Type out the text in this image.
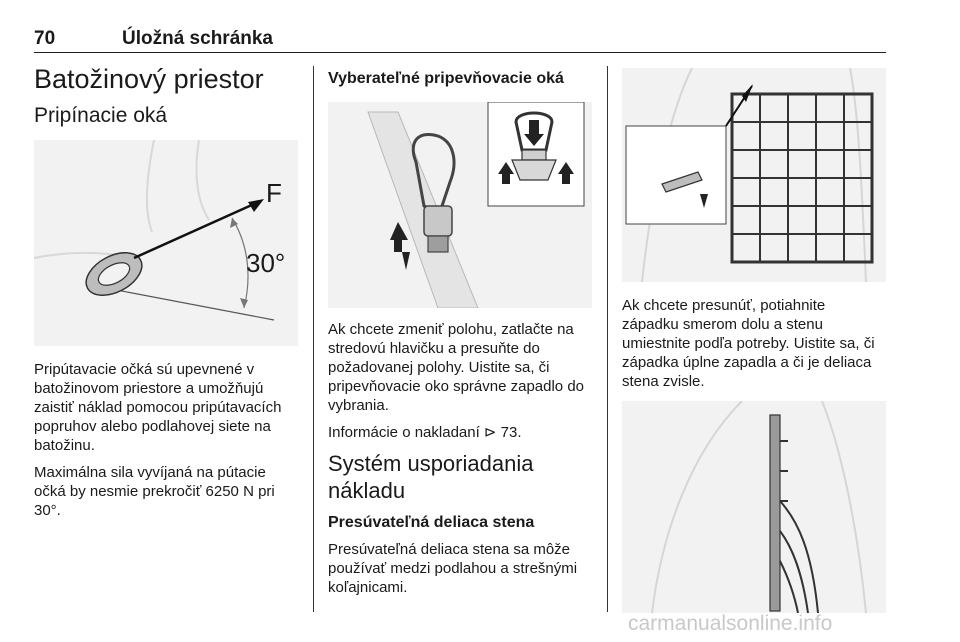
70	Úložná schránka
Batožinový priestor
Pripínacie oká
F
30°

Pripútavacie očká sú upevnené v batožinovom priestore a umožňujú zaistiť náklad pomocou pripútavacích popruhov alebo podlahovej siete na batožinu.

Maximálna sila vyvíjaná na pútacie očká by nesmie prekročiť 6250 N pri 30°.

Vyberateľné pripevňovacie oká

Ak chcete zmeniť polohu, zatlačte na stredovú hlavičku a presuňte do požadovanej polohy. Uistite sa, či pripevňovacie oko správne zapadlo do vybrania.

Informácie o nakladaní ⊳ 73.

Systém usporiadania nákladu
Presúvateľná deliaca stena

Presúvateľná deliaca stena sa môže používať medzi podlahou a strešnými koľajnicami.

Ak chcete presunúť, potiahnite západku smerom dolu a stenu umiestnite podľa potreby. Uistite sa, či západka úplne zapadla a či je deliaca stena zvisle.

carmanualsonline.info
